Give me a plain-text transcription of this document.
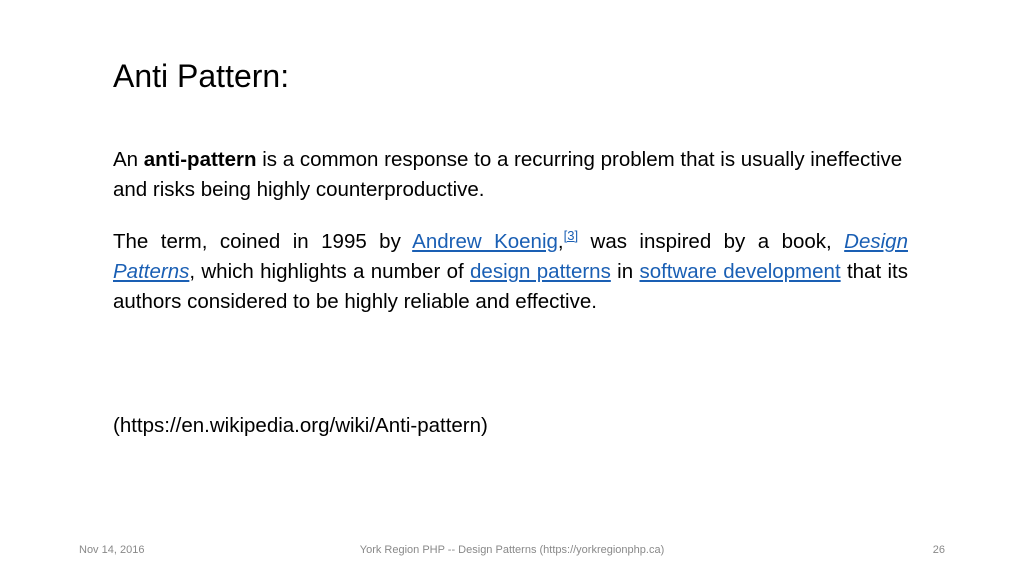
Anti Pattern:

An anti-pattern is a common response to a recurring problem that is usually ineffective and risks being highly counterproductive.

The term, coined in 1995 by Andrew Koenig,[3] was inspired by a book, Design Patterns, which highlights a number of design patterns in software development that its authors considered to be highly reliable and effective.

(https://en.wikipedia.org/wiki/Anti-pattern)

Nov 14, 2016	York Region PHP -- Design Patterns (https://yorkregionphp.ca)	26
